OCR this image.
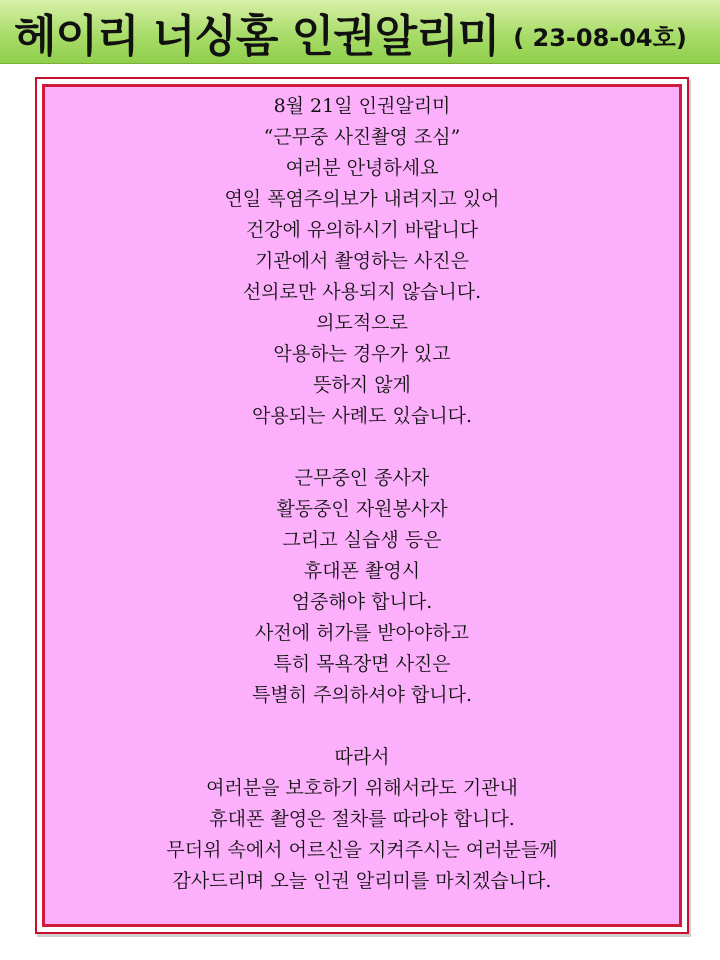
헤이리 너싱홈 인권알리미 ( 23-08-04호)
8월 21일 인권알리미
“근무중 사진촬영 조심”
여러분 안녕하세요
연일 폭염주의보가 내려지고 있어
건강에 유의하시기 바랍니다
기관에서 촬영하는 사진은
선의로만 사용되지 않습니다.
의도적으로
악용하는 경우가 있고
뜻하지 않게
악용되는 사례도 있습니다.
근무중인 종사자
활동중인 자원봉사자
그리고 실습생 등은
휴대폰 촬영시
엄중해야 합니다.
사전에 허가를 받아야하고
특히 목욕장면 사진은
특별히 주의하셔야 합니다.
따라서
여러분을 보호하기 위해서라도 기관내
휴대폰 촬영은 절차를 따라야 합니다.
무더위 속에서 어르신을 지켜주시는 여러분들께
감사드리며 오늘 인권 알리미를 마치겠습니다.
